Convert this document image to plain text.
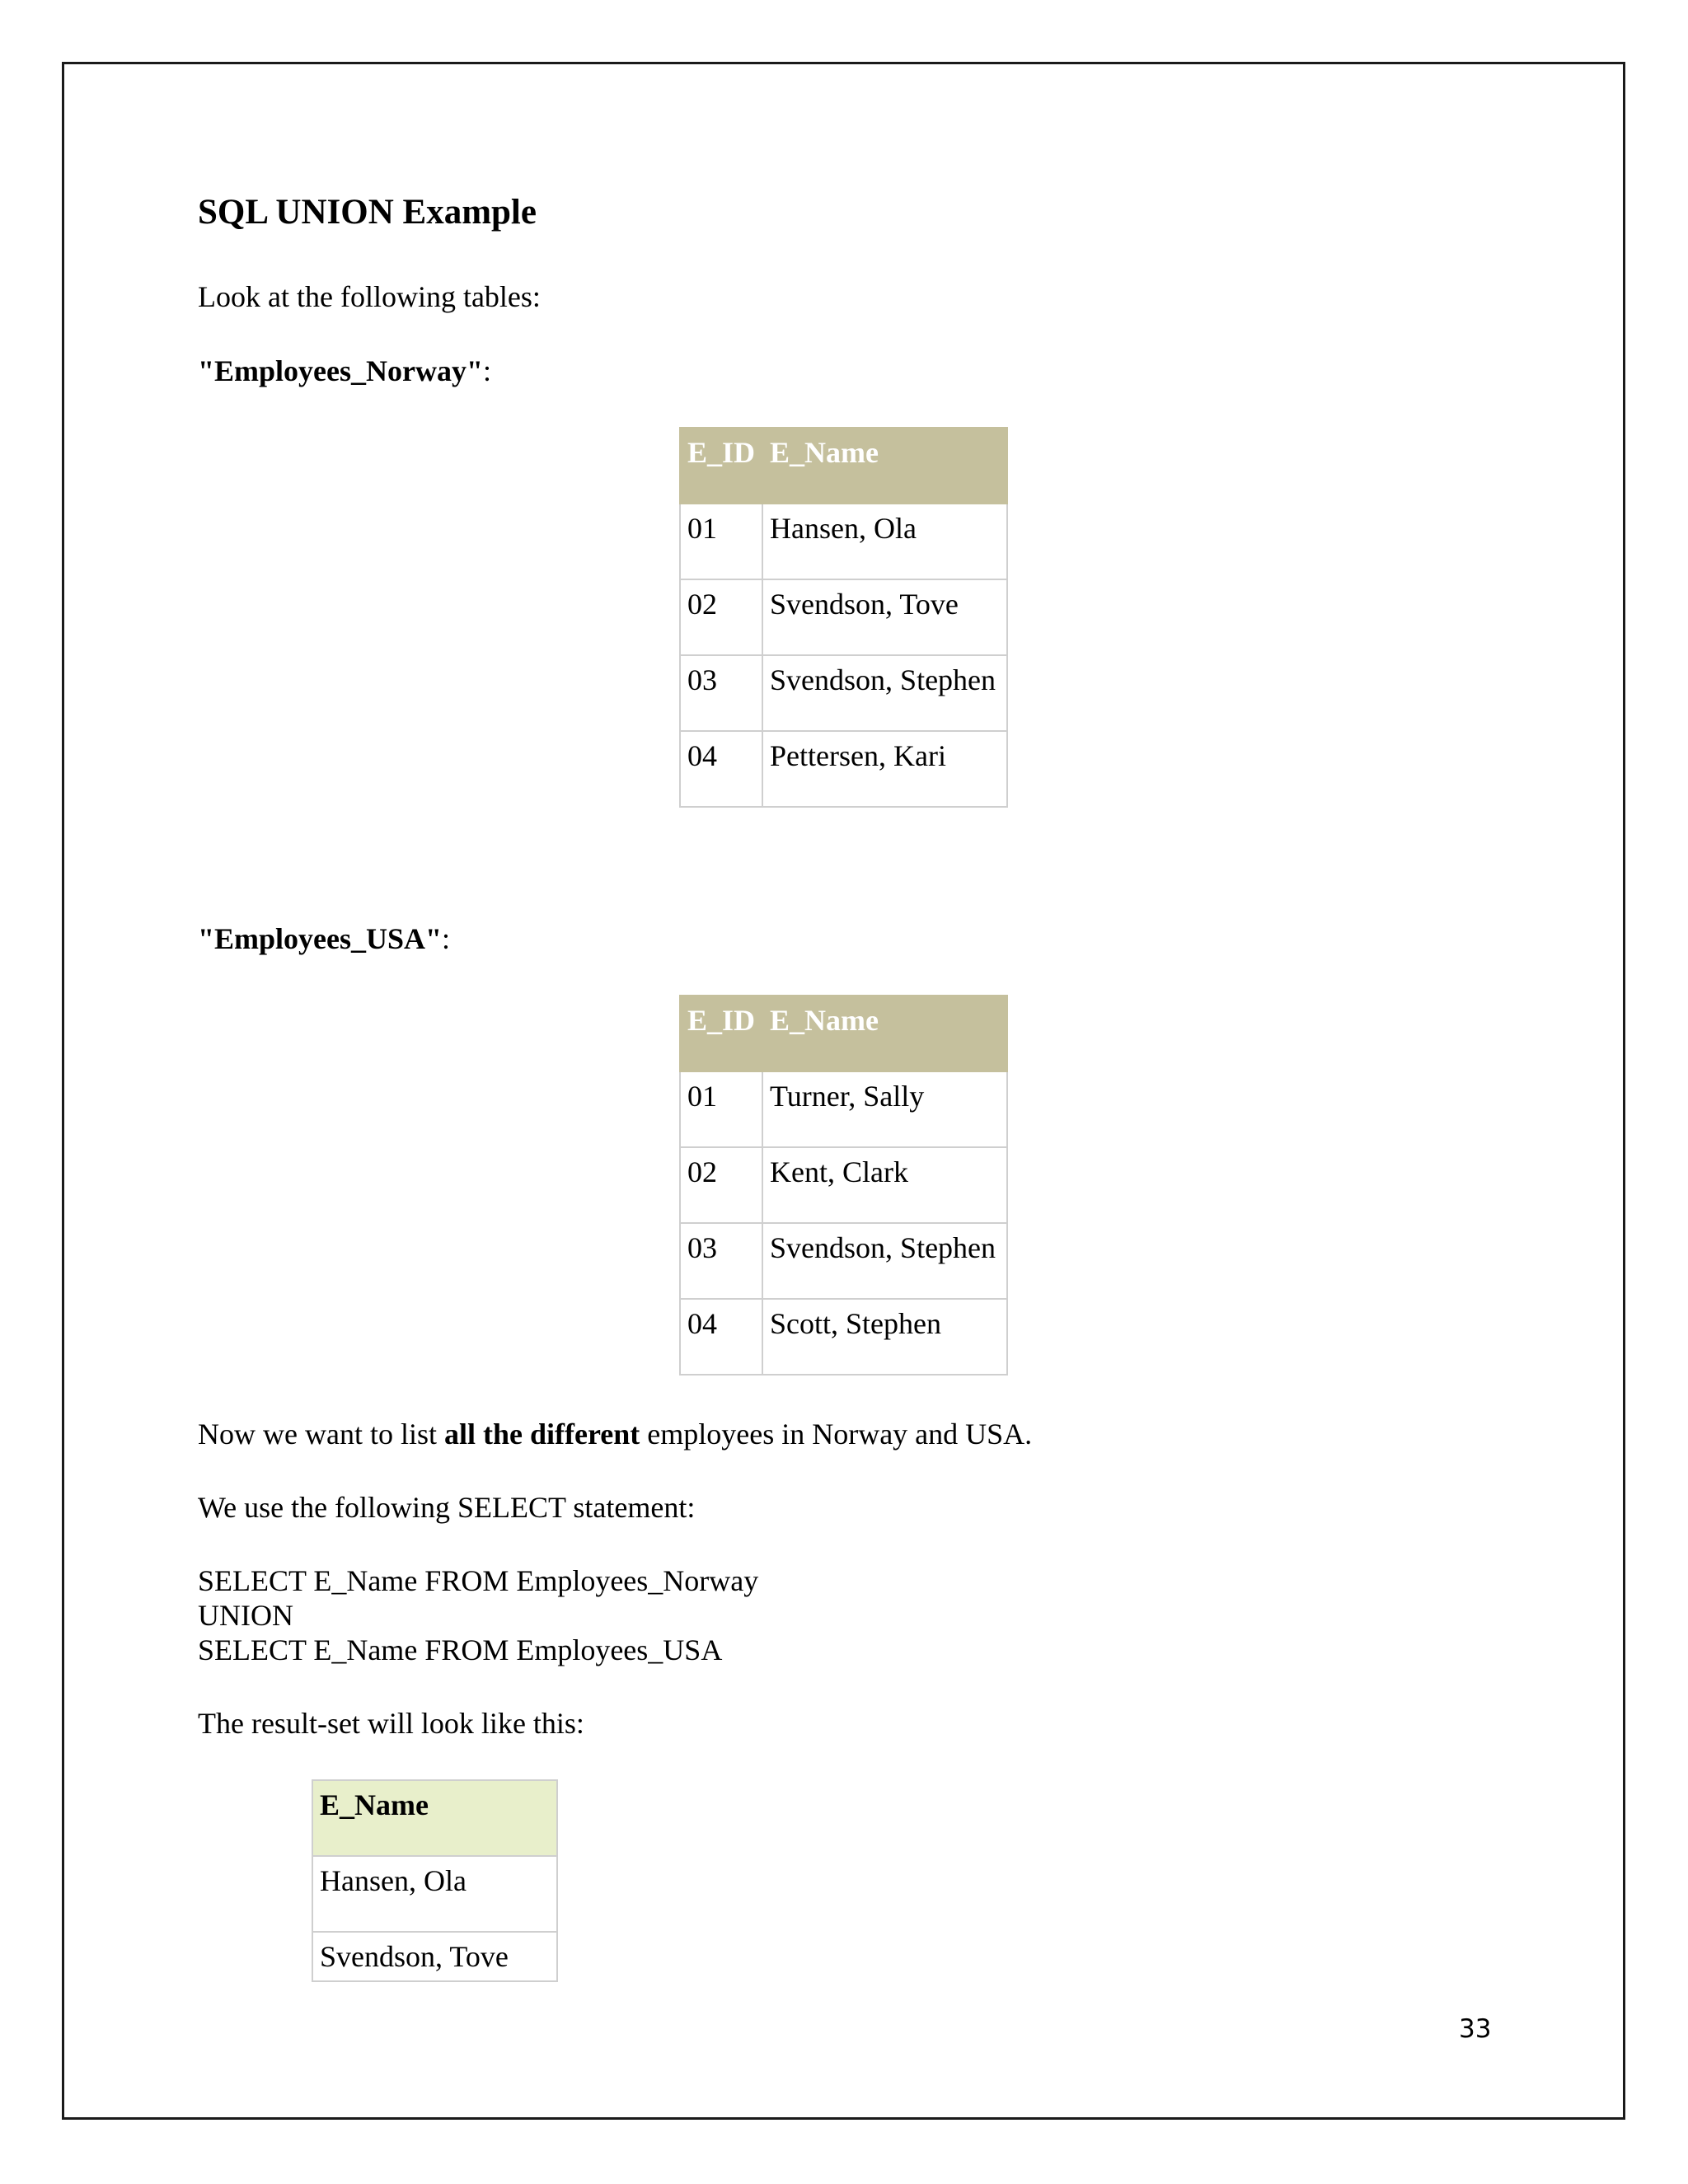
SQL UNION Example
Look at the following tables:
"Employees_Norway":
E_ID	E_Name
01	Hansen, Ola
02	Svendson, Tove
03	Svendson, Stephen
04	Pettersen, Kari
"Employees_USA":
E_ID	E_Name
01	Turner, Sally
02	Kent, Clark
03	Svendson, Stephen
04	Scott, Stephen
Now we want to list all the different employees in Norway and USA.
We use the following SELECT statement:
SELECT E_Name FROM Employees_Norway
UNION
SELECT E_Name FROM Employees_USA
The result-set will look like this:
E_Name
Hansen, Ola
Svendson, Tove
33
